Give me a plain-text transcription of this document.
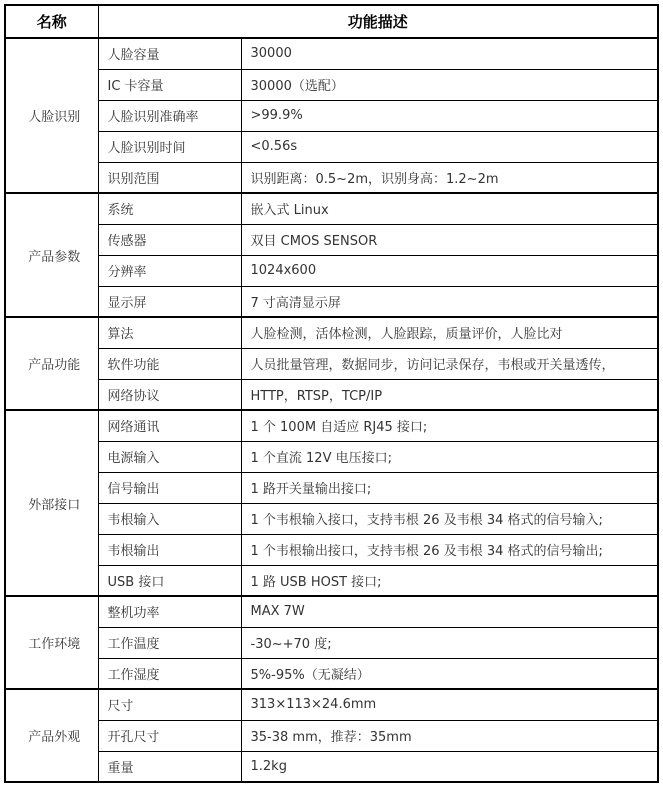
名称	功能描述	
人脸识别	人脸容量	30000
	IC 卡容量	30000（选配）
	人脸识别准确率	>99.9%
	人脸识别时间	<0.56s
	识别范围	识别距离：0.5~2m，识别身高：1.2~2m
产品参数	系统	嵌入式 Linux
	传感器	双目 CMOS SENSOR
	分辨率	1024x600
	显示屏	7 寸高清显示屏
产品功能	算法	人脸检测，活体检测，人脸跟踪，质量评价，人脸比对
	软件功能	人员批量管理，数据同步，访问记录保存，韦根或开关量透传，
	网络协议	HTTP，RTSP，TCP/IP
外部接口	网络通讯	1 个 100M 自适应 RJ45 接口;
	电源输入	1 个直流 12V 电压接口;
	信号输出	1 路开关量输出接口;
	韦根输入	1 个韦根输入接口，支持韦根 26 及韦根 34 格式的信号输入;
	韦根输出	1 个韦根输出接口，支持韦根 26 及韦根 34 格式的信号输出;
	USB 接口	1 路 USB HOST 接口;
工作环境	整机功率	MAX 7W
	工作温度	-30~+70 度;
	工作湿度	5%-95%（无凝结）
产品外观	尺寸	313×113×24.6mm
	开孔尺寸	35-38 mm，推荐：35mm
	重量	1.2kg
